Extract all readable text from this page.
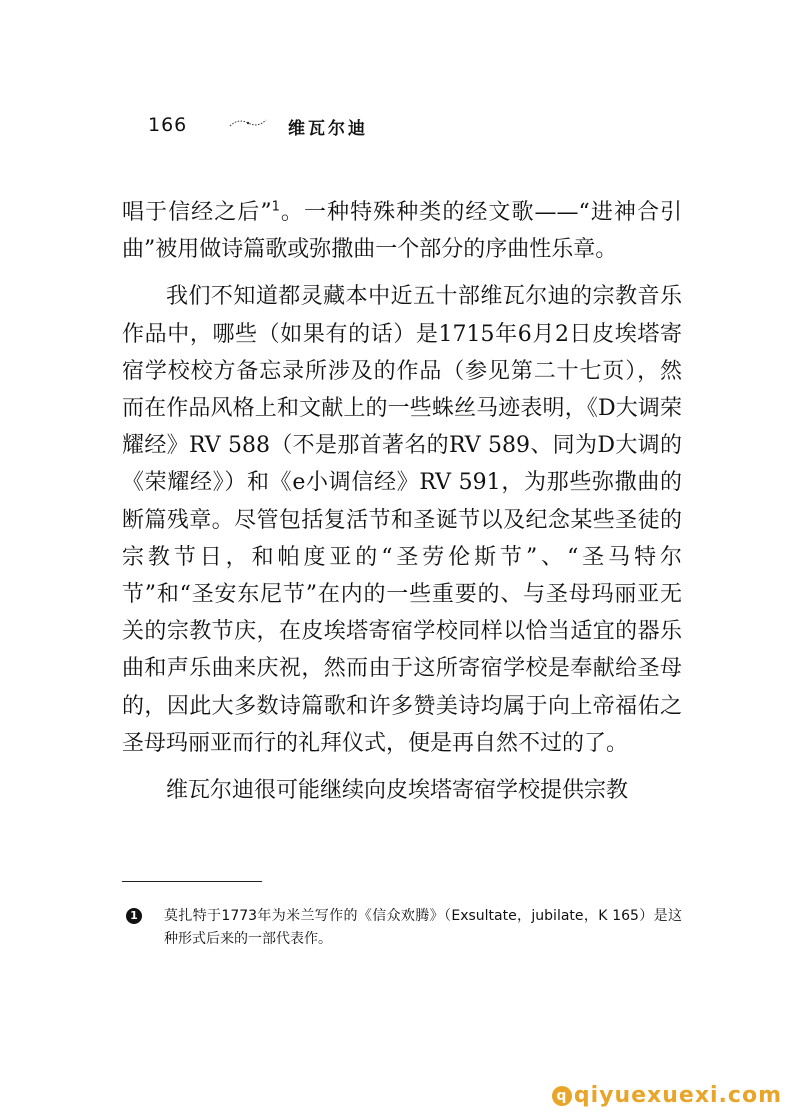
166	维瓦尔迪

唱于信经之后”$^1$。一种特殊种类的经文歌——“进神合引曲”被用做诗篇歌或弥撒曲一个部分的序曲性乐章。

我们不知道都灵藏本中近五十部维瓦尔迪的宗教音乐作品中，哪些（如果有的话）是1715年6月2日皮埃塔寄宿学校校方备忘录所涉及的作品（参见第二十七页），然而在作品风格上和文献上的一些蛛丝马迹表明，《D大调荣耀经》RV 588（不是那首著名的RV 589、同为D大调的《荣耀经》）和《e小调信经》RV 591，为那些弥撒曲的断篇残章。尽管包括复活节和圣诞节以及纪念某些圣徒的宗教节日，和帕度亚的“圣劳伦斯节”、“圣马特尔节”和“圣安东尼节”在内的一些重要的、与圣母玛丽亚无关的宗教节庆，在皮埃塔寄宿学校同样以恰当适宜的器乐曲和声乐曲来庆祝，然而由于这所寄宿学校是奉献给圣母的，因此大多数诗篇歌和许多赞美诗均属于向上帝福佑之圣母玛丽亚而行的礼拜仪式，便是再自然不过的了。

维瓦尔迪很可能继续向皮埃塔寄宿学校提供宗教

1 莫扎特于1773年为米兰写作的《信众欢腾》（Exsultate，jubilate，K 165）是这种形式后来的一部代表作。
q qiyuexuexi.com
